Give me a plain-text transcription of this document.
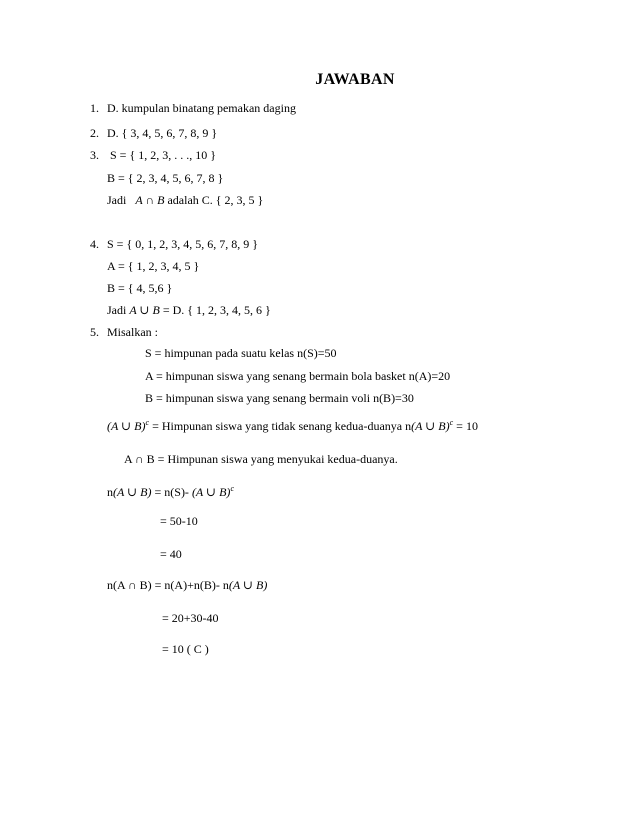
JAWABAN
1. D. kumpulan binatang pemakan daging
2. D. { 3, 4, 5, 6, 7, 8, 9 }
3. S = { 1, 2, 3, . . ., 10 }
B = { 2, 3, 4, 5, 6, 7, 8 }
Jadi A ∩ B adalah C. { 2, 3, 5 }
4. S = { 0, 1, 2, 3, 4, 5, 6, 7, 8, 9 }
A = { 1, 2, 3, 4, 5 }
B = { 4, 5,6 }
Jadi A ∪ B = D. { 1, 2, 3, 4, 5, 6 }
5. Misalkan :
S = himpunan pada suatu kelas n(S)=50
A = himpunan siswa yang senang bermain bola basket n(A)=20
B = himpunan siswa yang senang bermain voli n(B)=30
(A ∪ B)$^c$ = Himpunan siswa yang tidak senang kedua-duanya n(A ∪ B)$^c$ = 10
A ∩ B = Himpunan siswa yang menyukai kedua-duanya.
n(A ∪ B) = n(S)- (A ∪ B)$^c$
= 50-10
= 40
n(A ∩ B) = n(A)+n(B)- n(A ∪ B)
= 20+30-40
= 10 ( C )
